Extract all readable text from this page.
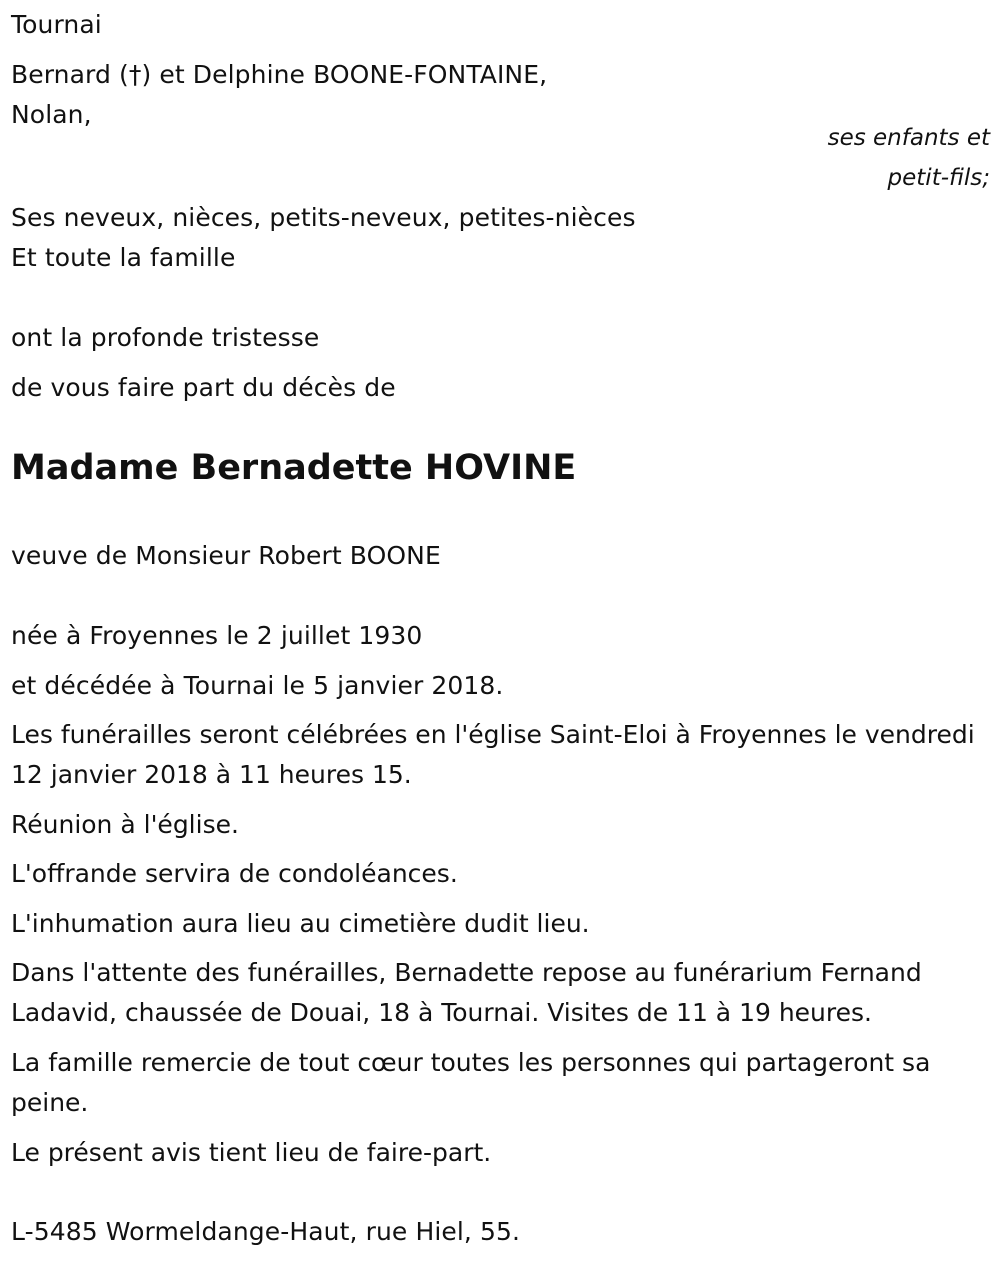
Tournai
Bernard (†) et Delphine BOONE-FONTAINE,
Nolan,
ses enfants et
petit-fils;
Ses neveux, nièces, petits-neveux, petites-nièces
Et toute la famille
ont la profonde tristesse
de vous faire part du décès de
Madame Bernadette HOVINE
veuve de Monsieur Robert BOONE
née à Froyennes le 2 juillet 1930
et décédée à Tournai le 5 janvier 2018.
Les funérailles seront célébrées en l'église Saint-Eloi à Froyennes le vendredi 12 janvier 2018 à 11 heures 15.
Réunion à l'église.
L'offrande servira de condoléances.
L'inhumation aura lieu au cimetière dudit lieu.
Dans l'attente des funérailles, Bernadette repose au funérarium Fernand Ladavid, chaussée de Douai, 18 à Tournai. Visites de 11 à 19 heures.
La famille remercie de tout cœur toutes les personnes qui partageront sa peine.
Le présent avis tient lieu de faire-part.
L-5485 Wormeldange-Haut, rue Hiel, 55.
